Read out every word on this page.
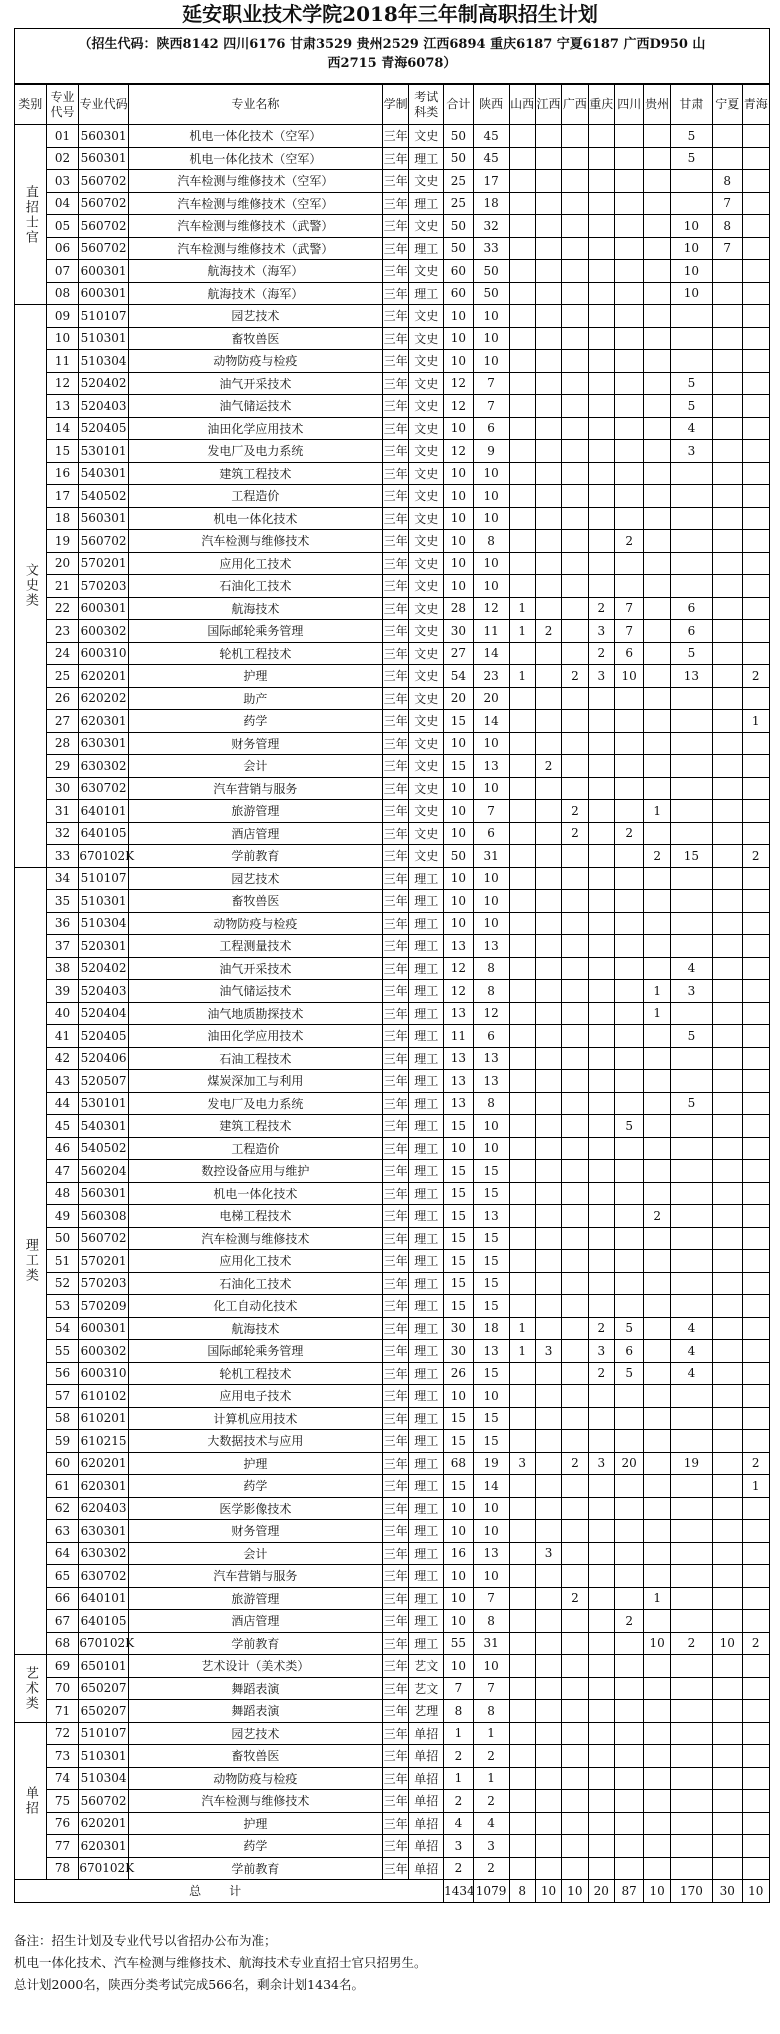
延安职业技术学院2018年三年制高职招生计划
（招生代码：陕西8142 四川6176 甘肃3529 贵州2529 江西6894 重庆6187 宁夏6187 广西D950 山
西2715 青海6078）
类别	专业代号	专业代码	专业名称	学制	考试科类	合计	陕西	山西	江西	广西	重庆	四川	贵州	甘肃	宁夏	青海
直招士官	01	560301	机电一体化技术（空军）	三年	文史	50	45							5		
	02	560301	机电一体化技术（空军）	三年	理工	50	45							5		
	03	560702	汽车检测与维修技术（空军）	三年	文史	25	17								8	
	04	560702	汽车检测与维修技术（空军）	三年	理工	25	18								7	
	05	560702	汽车检测与维修技术（武警）	三年	文史	50	32							10	8	
	06	560702	汽车检测与维修技术（武警）	三年	理工	50	33							10	7	
	07	600301	航海技术（海军）	三年	文史	60	50							10		
	08	600301	航海技术（海军）	三年	理工	60	50							10		
文史类	09	510107	园艺技术	三年	文史	10	10									
	10	510301	畜牧兽医	三年	文史	10	10									
	11	510304	动物防疫与检疫	三年	文史	10	10									
	12	520402	油气开采技术	三年	文史	12	7							5		
	13	520403	油气储运技术	三年	文史	12	7							5		
	14	520405	油田化学应用技术	三年	文史	10	6							4		
	15	530101	发电厂及电力系统	三年	文史	12	9							3		
	16	540301	建筑工程技术	三年	文史	10	10									
	17	540502	工程造价	三年	文史	10	10									
	18	560301	机电一体化技术	三年	文史	10	10									
	19	560702	汽车检测与维修技术	三年	文史	10	8					2				
	20	570201	应用化工技术	三年	文史	10	10									
	21	570203	石油化工技术	三年	文史	10	10									
	22	600301	航海技术	三年	文史	28	12	1			2	7		6		
	23	600302	国际邮轮乘务管理	三年	文史	30	11	1	2		3	7		6		
	24	600310	轮机工程技术	三年	文史	27	14				2	6		5		
	25	620201	护理	三年	文史	54	23	1		2	3	10		13		2
	26	620202	助产	三年	文史	20	20									
	27	620301	药学	三年	文史	15	14									1
	28	630301	财务管理	三年	文史	10	10									
	29	630302	会计	三年	文史	15	13		2							
	30	630702	汽车营销与服务	三年	文史	10	10									
	31	640101	旅游管理	三年	文史	10	7			2			1			
	32	640105	酒店管理	三年	文史	10	6			2		2				
	33	670102K	学前教育	三年	文史	50	31						2	15		2
理工类	34	510107	园艺技术	三年	理工	10	10									
	35	510301	畜牧兽医	三年	理工	10	10									
	36	510304	动物防疫与检疫	三年	理工	10	10									
	37	520301	工程测量技术	三年	理工	13	13									
	38	520402	油气开采技术	三年	理工	12	8							4		
	39	520403	油气储运技术	三年	理工	12	8						1	3		
	40	520404	油气地质勘探技术	三年	理工	13	12						1			
	41	520405	油田化学应用技术	三年	理工	11	6							5		
	42	520406	石油工程技术	三年	理工	13	13									
	43	520507	煤炭深加工与利用	三年	理工	13	13									
	44	530101	发电厂及电力系统	三年	理工	13	8							5		
	45	540301	建筑工程技术	三年	理工	15	10					5				
	46	540502	工程造价	三年	理工	10	10									
	47	560204	数控设备应用与维护	三年	理工	15	15									
	48	560301	机电一体化技术	三年	理工	15	15									
	49	560308	电梯工程技术	三年	理工	15	13						2			
	50	560702	汽车检测与维修技术	三年	理工	15	15									
	51	570201	应用化工技术	三年	理工	15	15									
	52	570203	石油化工技术	三年	理工	15	15									
	53	570209	化工自动化技术	三年	理工	15	15									
	54	600301	航海技术	三年	理工	30	18	1			2	5		4		
	55	600302	国际邮轮乘务管理	三年	理工	30	13	1	3		3	6		4		
	56	600310	轮机工程技术	三年	理工	26	15				2	5		4		
	57	610102	应用电子技术	三年	理工	10	10									
	58	610201	计算机应用技术	三年	理工	15	15									
	59	610215	大数据技术与应用	三年	理工	15	15									
	60	620201	护理	三年	理工	68	19	3		2	3	20		19		2
	61	620301	药学	三年	理工	15	14									1
	62	620403	医学影像技术	三年	理工	10	10									
	63	630301	财务管理	三年	理工	10	10									
	64	630302	会计	三年	理工	16	13		3							
	65	630702	汽车营销与服务	三年	理工	10	10									
	66	640101	旅游管理	三年	理工	10	7			2			1			
	67	640105	酒店管理	三年	理工	10	8					2				
	68	670102K	学前教育	三年	理工	55	31						10	2	10	2
艺术类	69	650101	艺术设计（美术类）	三年	艺文	10	10									
	70	650207	舞蹈表演	三年	艺文	7	7									
	71	650207	舞蹈表演	三年	艺理	8	8									
单招	72	510107	园艺技术	三年	单招	1	1									
	73	510301	畜牧兽医	三年	单招	2	2									
	74	510304	动物防疫与检疫	三年	单招	1	1									
	75	560702	汽车检测与维修技术	三年	单招	2	2									
	76	620201	护理	三年	单招	4	4									
	77	620301	药学	三年	单招	3	3									
	78	670102K	学前教育	三年	单招	2	2									
总计						1434	1079	8	10	10	20	87	10	170	30	10
备注：招生计划及专业代号以省招办公布为准；
机电一体化技术、汽车检测与维修技术、航海技术专业直招士官只招男生。
总计划2000名，陕西分类考试完成566名，剩余计划1434名。
